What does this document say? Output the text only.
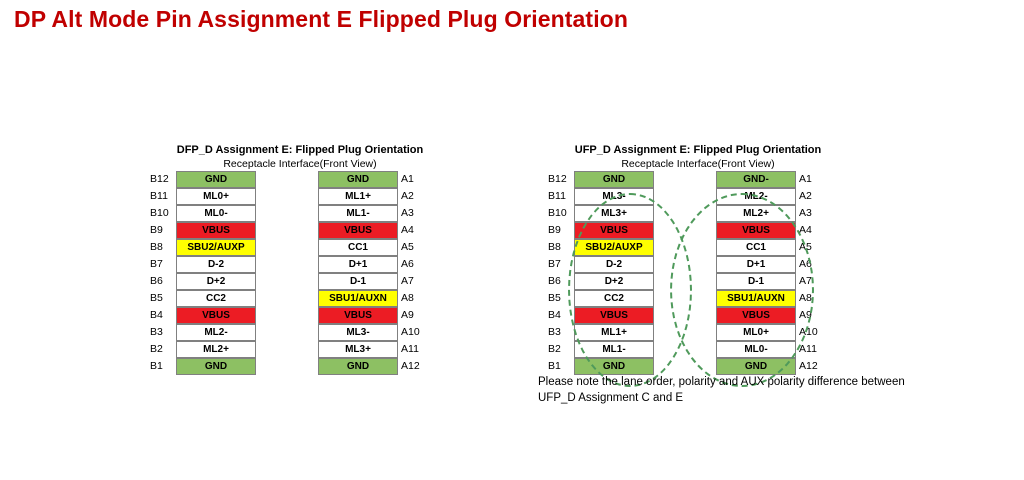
DP Alt Mode Pin Assignment E Flipped Plug Orientation
DFP_D Assignment E: Flipped Plug Orientation
Receptacle Interface(Front View)
B12	GND	GND	A1
B11	ML0+	ML1+	A2
B10	ML0-	ML1-	A3
B9	VBUS	VBUS	A4
B8	SBU2/AUXP	CC1	A5
B7	D-2	D+1	A6
B6	D+2	D-1	A7
B5	CC2	SBU1/AUXN	A8
B4	VBUS	VBUS	A9
B3	ML2-	ML3-	A10
B2	ML2+	ML3+	A11
B1	GND	GND	A12
UFP_D Assignment E: Flipped Plug Orientation
Receptacle Interface(Front View)
B12	GND	GND-	A1
B11	ML3-	ML2-	A2
B10	ML3+	ML2+	A3
B9	VBUS	VBUS	A4
B8	SBU2/AUXP	CC1	A5
B7	D-2	D+1	A6
B6	D+2	D-1	A7
B5	CC2	SBU1/AUXN	A8
B4	VBUS	VBUS	A9
B3	ML1+	ML0+	A10
B2	ML1-	ML0-	A11
B1	GND	GND	A12
Please note the lane order, polarity and AUX polarity difference between UFP_D Assignment C and E
